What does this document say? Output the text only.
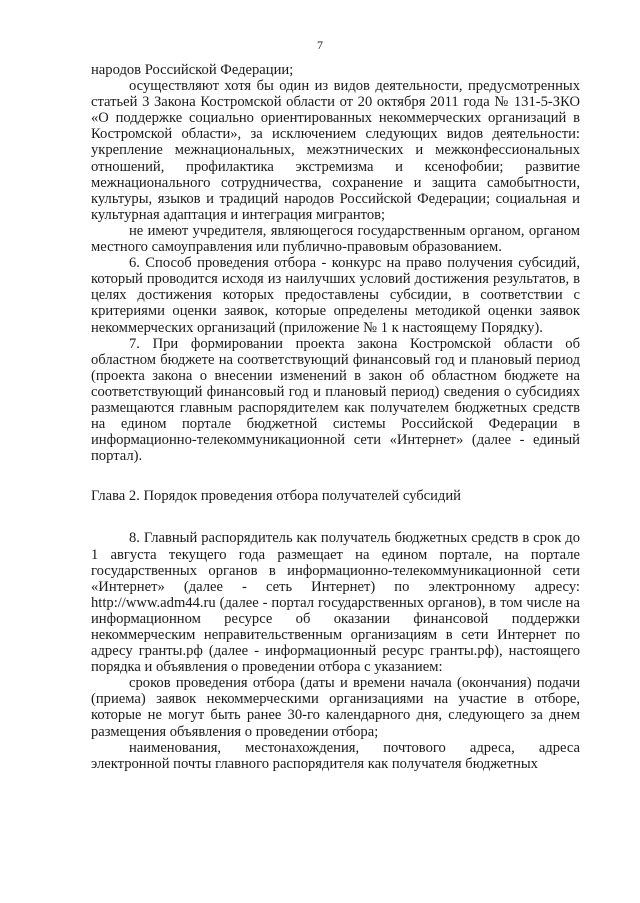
7

народов Российской Федерации;

осуществляют хотя бы один из видов деятельности, предусмотренных статьей 3 Закона Костромской области от 20 октября 2011 года № 131-5-ЗКО «О поддержке социально ориентированных некоммерческих организаций в Костромской области», за исключением следующих видов деятельности: укрепление межнациональных, межэтнических и межконфессиональных отношений, профилактика экстремизма и ксенофобии; развитие межнационального сотрудничества, сохранение и защита самобытности, культуры, языков и традиций народов Российской Федерации; социальная и культурная адаптация и интеграция мигрантов;

не имеют учредителя, являющегося государственным органом, органом местного самоуправления или публично-правовым образованием.

6. Способ проведения отбора - конкурс на право получения субсидий, который проводится исходя из наилучших условий достижения результатов, в целях достижения которых предоставлены субсидии, в соответствии с критериями оценки заявок, которые определены методикой оценки заявок некоммерческих организаций (приложение № 1 к настоящему Порядку).

7. При формировании проекта закона Костромской области об областном бюджете на соответствующий финансовый год и плановый период (проекта закона о внесении изменений в закон об областном бюджете на соответствующий финансовый год и плановый период) сведения о субсидиях размещаются главным распорядителем как получателем бюджетных средств на едином портале бюджетной системы Российской Федерации в информационно-телекоммуникационной сети «Интернет» (далее - единый портал).

Глава 2. Порядок проведения отбора получателей субсидий

8. Главный распорядитель как получатель бюджетных средств в срок до 1 августа текущего года размещает на едином портале, на портале государственных органов в информационно-телекоммуникационной сети «Интернет» (далее - сеть Интернет) по электронному адресу: http://www.adm44.ru (далее - портал государственных органов), в том числе на информационном ресурсе об оказании финансовой поддержки некоммерческим неправительственным организациям в сети Интернет по адресу гранты.рф (далее - информационный ресурс гранты.рф), настоящего порядка и объявления о проведении отбора с указанием:

сроков проведения отбора (даты и времени начала (окончания) подачи (приема) заявок некоммерческими организациями на участие в отборе, которые не могут быть ранее 30-го календарного дня, следующего за днем размещения объявления о проведении отбора;

наименования, местонахождения, почтового адреса, адреса электронной почты главного распорядителя как получателя бюджетных
